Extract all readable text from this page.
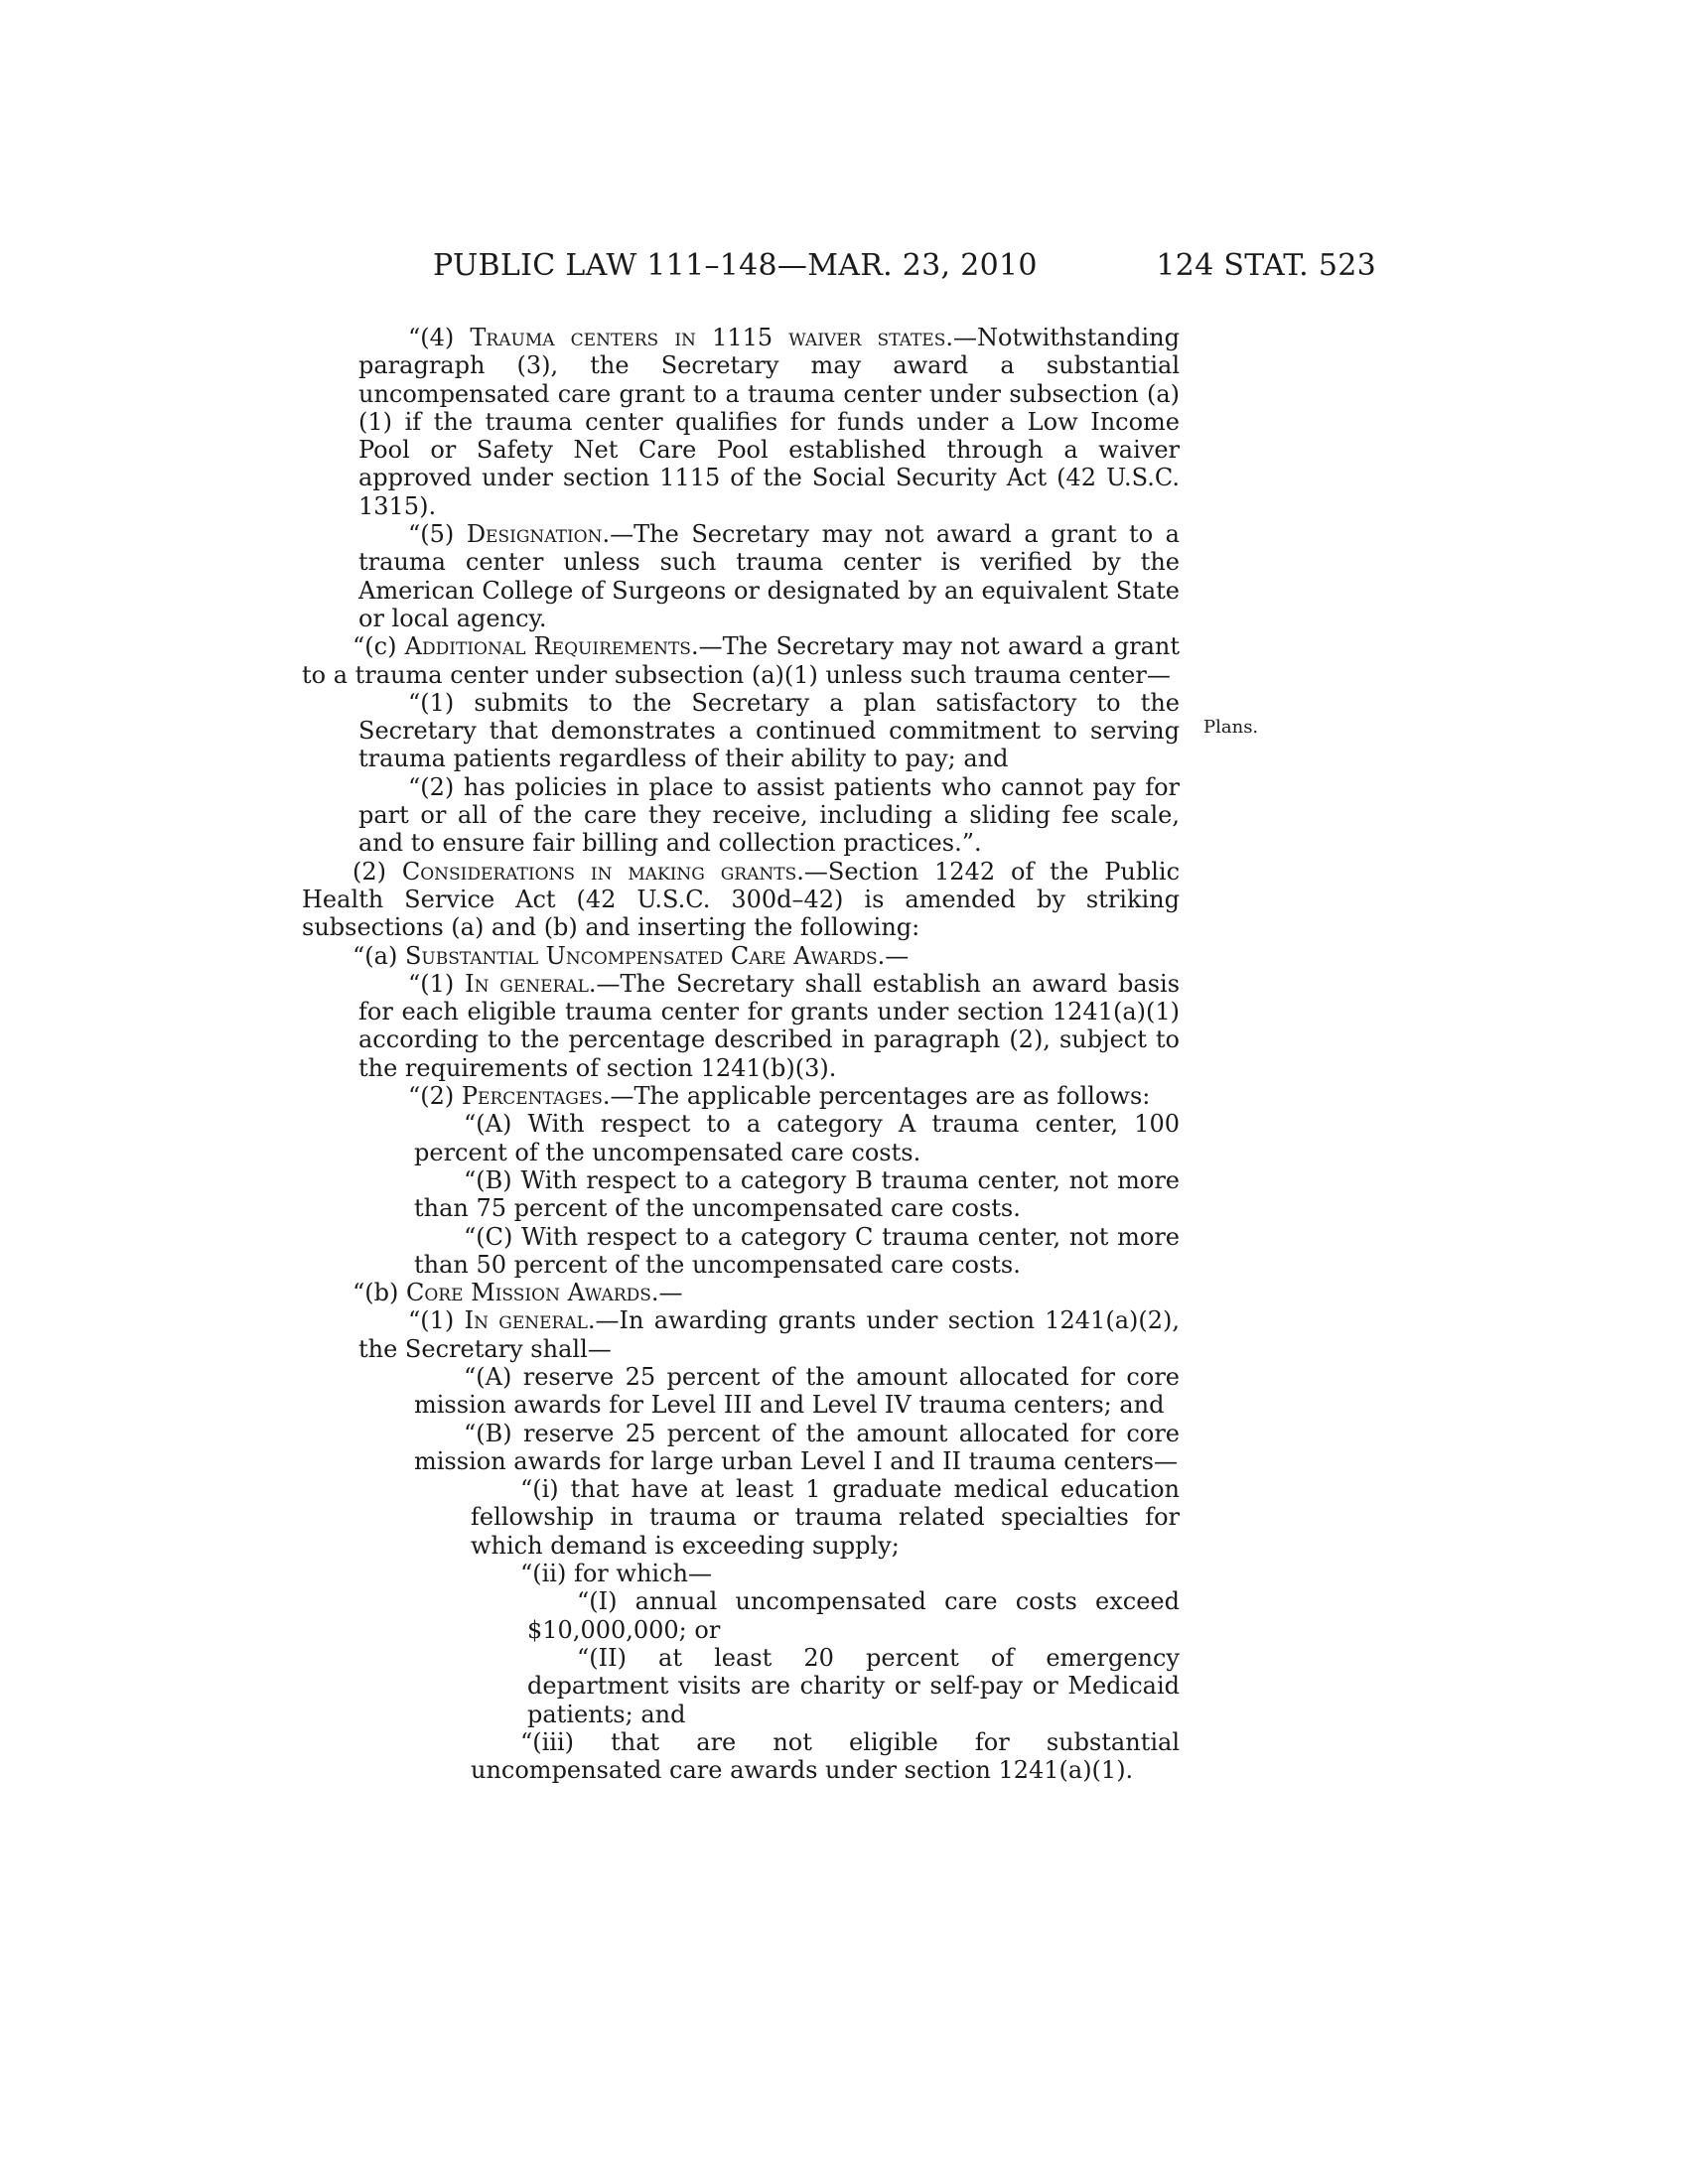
PUBLIC LAW 111–148—MAR. 23, 2010	124 STAT. 523
Plans.

“(4) Trauma centers in 1115 waiver states.—Notwithstanding paragraph (3), the Secretary may award a substantial uncompensated care grant to a trauma center under subsection (a)(1) if the trauma center qualifies for funds under a Low Income Pool or Safety Net Care Pool established through a waiver approved under section 1115 of the Social Security Act (42 U.S.C. 1315).

“(5) Designation.—The Secretary may not award a grant to a trauma center unless such trauma center is verified by the American College of Surgeons or designated by an equivalent State or local agency.

“(c) Additional Requirements.—The Secretary may not award a grant to a trauma center under subsection (a)(1) unless such trauma center—

“(1) submits to the Secretary a plan satisfactory to the Secretary that demonstrates a continued commitment to serving trauma patients regardless of their ability to pay; and

“(2) has policies in place to assist patients who cannot pay for part or all of the care they receive, including a sliding fee scale, and to ensure fair billing and collection practices.”.

(2) Considerations in making grants.—Section 1242 of the Public Health Service Act (42 U.S.C. 300d–42) is amended by striking subsections (a) and (b) and inserting the following:

“(a) Substantial Uncompensated Care Awards.—

“(1) In general.—The Secretary shall establish an award basis for each eligible trauma center for grants under section 1241(a)(1) according to the percentage described in paragraph (2), subject to the requirements of section 1241(b)(3).

“(2) Percentages.—The applicable percentages are as follows:

“(A) With respect to a category A trauma center, 100 percent of the uncompensated care costs.

“(B) With respect to a category B trauma center, not more than 75 percent of the uncompensated care costs.

“(C) With respect to a category C trauma center, not more than 50 percent of the uncompensated care costs.

“(b) Core Mission Awards.—

“(1) In general.—In awarding grants under section 1241(a)(2), the Secretary shall—

“(A) reserve 25 percent of the amount allocated for core mission awards for Level III and Level IV trauma centers; and

“(B) reserve 25 percent of the amount allocated for core mission awards for large urban Level I and II trauma centers—

“(i) that have at least 1 graduate medical education fellowship in trauma or trauma related specialties for which demand is exceeding supply;

“(ii) for which—

“(I) annual uncompensated care costs exceed $10,000,000; or

“(II) at least 20 percent of emergency department visits are charity or self-pay or Medicaid patients; and

“(iii) that are not eligible for substantial uncompensated care awards under section 1241(a)(1).
